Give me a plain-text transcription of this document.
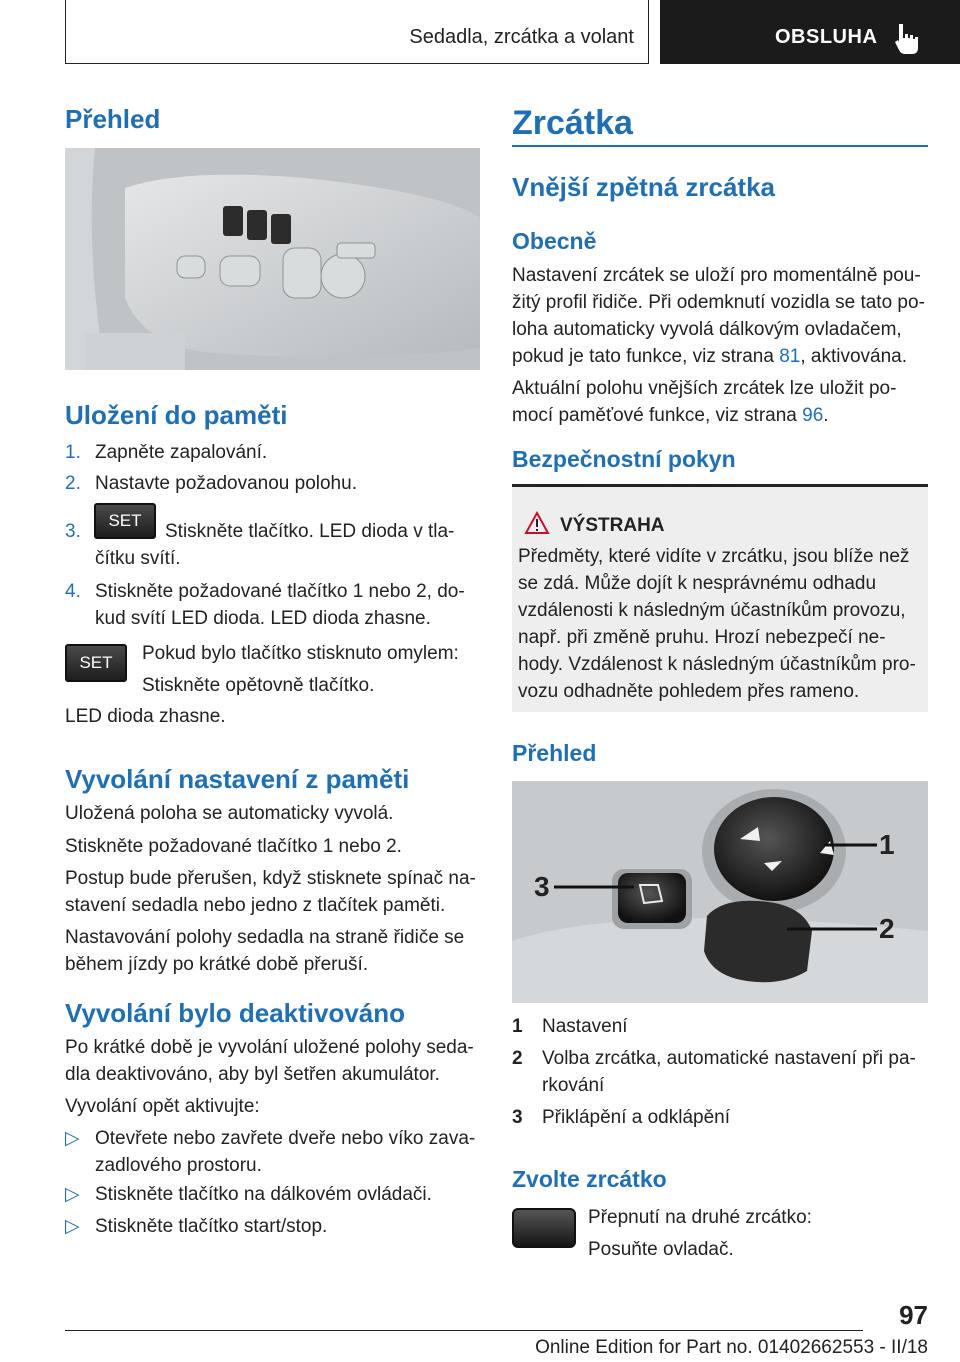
Sedadla, zrcátka a volant	OBSLUHA
Přehled
Uložení do paměti
1. Zapněte zapalování.
2. Nastavte požadovanou polohu.
3.	Stiskněte tlačítko. LED dioda v tla‐
čítku svítí.
SET
4. Stiskněte požadované tlačítko 1 nebo 2, do‐
kud svítí LED dioda. LED dioda zhasne.
SET	Pokud bylo tlačítko stisknuto omylem:
Stiskněte opětovně tlačítko.
LED dioda zhasne.
Vyvolání nastavení z paměti
Uložená poloha se automaticky vyvolá.
Stiskněte požadované tlačítko 1 nebo 2.
Postup bude přerušen, když stisknete spínač na‐
stavení sedadla nebo jedno z tlačítek paměti.
Nastavování polohy sedadla na straně řidiče se
během jízdy po krátké době přeruší.
Vyvolání bylo deaktivováno
Po krátké době je vyvolání uložené polohy seda‐
dla deaktivováno, aby byl šetřen akumulátor.
Vyvolání opět aktivujte:
▷ Otevřete nebo zavřete dveře nebo víko zava‐
zadlového prostoru.
▷ Stiskněte tlačítko na dálkovém ovládači.
▷ Stiskněte tlačítko start/stop.
Zrcátka
Vnější zpětná zrcátka
Obecně
Nastavení zrcátek se uloží pro momentálně pou‐
žitý profil řidiče. Při odemknutí vozidla se tato po‐
loha automaticky vyvolá dálkovým ovladačem,
pokud je tato funkce, viz strana 81, aktivována.
Aktuální polohu vnějších zrcátek lze uložit po‐
mocí paměťové funkce, viz strana 96.
Bezpečnostní pokyn
VÝSTRAHA
Předměty, které vidíte v zrcátku, jsou blíže než
se zdá. Může dojít k nesprávnému odhadu
vzdálenosti k následným účastníkům provozu,
např. při změně pruhu. Hrozí nebezpečí ne‐
hody. Vzdálenost k následným účastníkům pro‐
vozu odhadněte pohledem přes rameno.
Přehled
1
2
3
1 Nastavení
2 Volba zrcátka, automatické nastavení při pa‐
rkování
3 Přiklápění a odklápění
Zvolte zrcátko
Přepnutí na druhé zrcátko:
Posuňte ovladač.
97
Online Edition for Part no. 01402662553 - II/18
